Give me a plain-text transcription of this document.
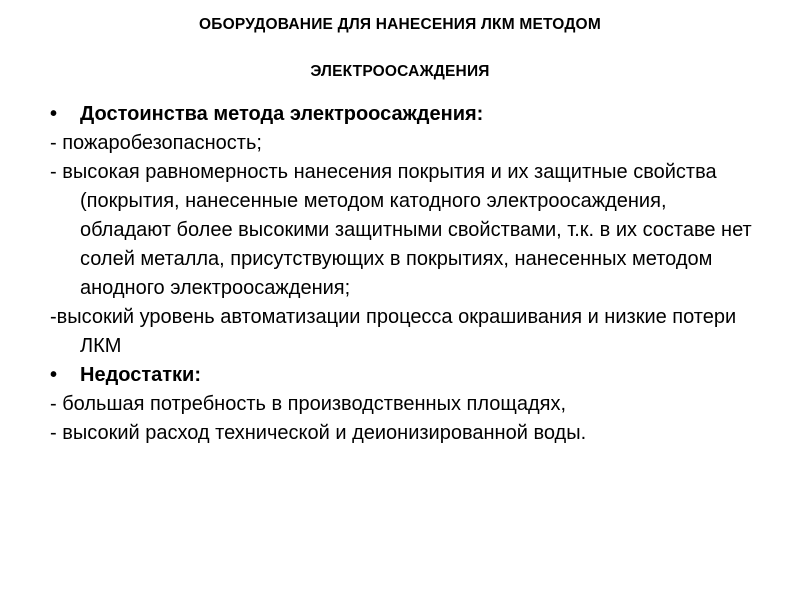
ОБОРУДОВАНИЕ ДЛЯ НАНЕСЕНИЯ ЛКМ МЕТОДОМ
ЭЛЕКТРООСАЖДЕНИЯ

• Достоинства метода электроосаждения:

- пожаробезопасность;

- высокая равномерность нанесения покрытия и их защитные свойства (покрытия, нанесенные методом катодного электроосаждения, обладают более высокими защитными свойствами, т.к. в их составе нет солей металла, присутствующих в покрытиях, нанесенных методом анодного электроосаждения;

-высокий уровень автоматизации процесса окрашивания и низкие потери ЛКМ

• Недостатки:

- большая потребность в производственных площадях,

- высокий расход технической и деионизированной воды.
